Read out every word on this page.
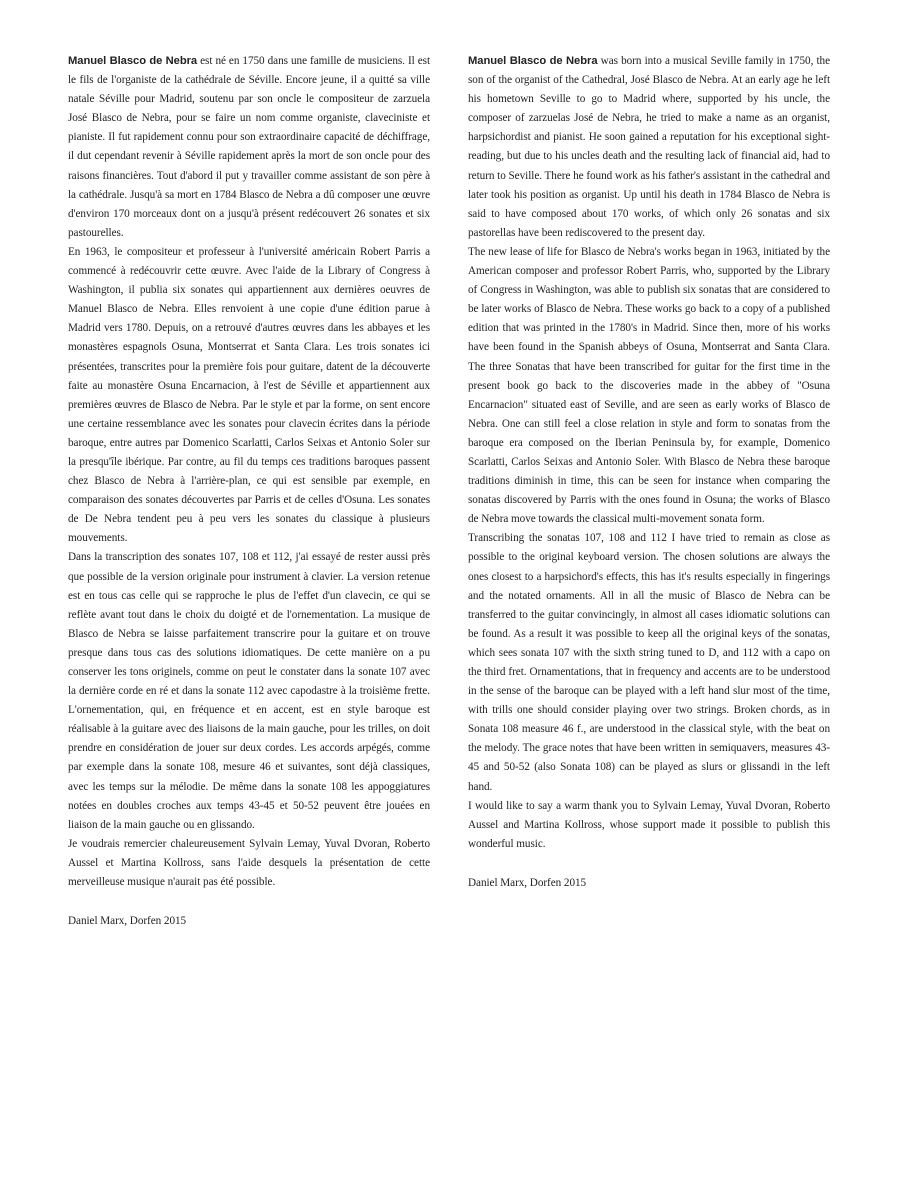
Manuel Blasco de Nebra est né en 1750 dans une famille de musiciens. Il est le fils de l'organiste de la cathédrale de Séville. Encore jeune, il a quitté sa ville natale Séville pour Madrid, soutenu par son oncle le compositeur de zarzuela José Blasco de Nebra, pour se faire un nom comme organiste, claveciniste et pianiste. Il fut rapidement connu pour son extraordinaire capacité de déchiffrage, il dut cependant revenir à Séville rapidement après la mort de son oncle pour des raisons financières. Tout d'abord il put y travailler comme assistant de son père à la cathédrale. Jusqu'à sa mort en 1784 Blasco de Nebra a dû composer une œuvre d'environ 170 morceaux dont on a jusqu'à présent redécouvert 26 sonates et six pastourelles.

En 1963, le compositeur et professeur à l'université américain Robert Parris a commencé à redécouvrir cette œuvre. Avec l'aide de la Library of Congress à Washington, il publia six sonates qui appartiennent aux dernières oeuvres de Manuel Blasco de Nebra. Elles renvoient à une copie d'une édition parue à Madrid vers 1780. Depuis, on a retrouvé d'autres œuvres dans les abbayes et les monastères espagnols Osuna, Montserrat et Santa Clara. Les trois sonates ici présentées, transcrites pour la première fois pour guitare, datent de la découverte faite au monastère Osuna Encarnacion, à l'est de Séville et appartiennent aux premières œuvres de Blasco de Nebra. Par le style et par la forme, on sent encore une certaine ressemblance avec les sonates pour clavecin écrites dans la période baroque, entre autres par Domenico Scarlatti, Carlos Seixas et Antonio Soler sur la presqu'île ibérique. Par contre, au fil du temps ces traditions baroques passent chez Blasco de Nebra à l'arrière-plan, ce qui est sensible par exemple, en comparaison des sonates découvertes par Parris et de celles d'Osuna. Les sonates de De Nebra tendent peu à peu vers les sonates du classique à plusieurs mouvements.

Dans la transcription des sonates 107, 108 et 112, j'ai essayé de rester aussi près que possible de la version originale pour instrument à clavier. La version retenue est en tous cas celle qui se rapproche le plus de l'effet d'un clavecin, ce qui se reflète avant tout dans le choix du doigté et de l'ornementation. La musique de Blasco de Nebra se laisse parfaitement transcrire pour la guitare et on trouve presque dans tous cas des solutions idiomatiques. De cette manière on a pu conserver les tons originels, comme on peut le constater dans la sonate 107 avec la dernière corde en ré et dans la sonate 112 avec capodastre à la troisième frette. L'ornementation, qui, en fréquence et en accent, est en style baroque est réalisable à la guitare avec des liaisons de la main gauche, pour les trilles, on doit prendre en considération de jouer sur deux cordes. Les accords arpégés, comme par exemple dans la sonate 108, mesure 46 et suivantes, sont déjà classiques, avec les temps sur la mélodie. De même dans la sonate 108 les appoggiatures notées en doubles croches aux temps 43-45 et 50-52 peuvent être jouées en liaison de la main gauche ou en glissando.

Je voudrais remercier chaleureusement Sylvain Lemay, Yuval Dvoran, Roberto Aussel et Martina Kollross, sans l'aide desquels la présentation de cette merveilleuse musique n'aurait pas été possible.

Daniel Marx, Dorfen 2015

Manuel Blasco de Nebra was born into a musical Seville family in 1750, the son of the organist of the Cathedral, José Blasco de Nebra. At an early age he left his hometown Seville to go to Madrid where, supported by his uncle, the composer of zarzuelas José de Nebra, he tried to make a name as an organist, harpsichordist and pianist. He soon gained a reputation for his exceptional sight-reading, but due to his uncles death and the resulting lack of financial aid, had to return to Seville. There he found work as his father's assistant in the cathedral and later took his position as organist. Up until his death in 1784 Blasco de Nebra is said to have composed about 170 works, of which only 26 sonatas and six pastorellas have been rediscovered to the present day.

The new lease of life for Blasco de Nebra's works began in 1963, initiated by the American composer and professor Robert Parris, who, supported by the Library of Congress in Washington, was able to publish six sonatas that are considered to be later works of Blasco de Nebra. These works go back to a copy of a published edition that was printed in the 1780's in Madrid. Since then, more of his works have been found in the Spanish abbeys of Osuna, Montserrat and Santa Clara. The three Sonatas that have been transcribed for guitar for the first time in the present book go back to the discoveries made in the abbey of "Osuna Encarnacion" situated east of Seville, and are seen as early works of Blasco de Nebra. One can still feel a close relation in style and form to sonatas from the baroque era composed on the Iberian Peninsula by, for example, Domenico Scarlatti, Carlos Seixas and Antonio Soler. With Blasco de Nebra these baroque traditions diminish in time, this can be seen for instance when comparing the sonatas discovered by Parris with the ones found in Osuna; the works of Blasco de Nebra move towards the classical multi-movement sonata form.

Transcribing the sonatas 107, 108 and 112 I have tried to remain as close as possible to the original keyboard version. The chosen solutions are always the ones closest to a harpsichord's effects, this has it's results especially in fingerings and the notated ornaments. All in all the music of Blasco de Nebra can be transferred to the guitar convincingly, in almost all cases idiomatic solutions can be found. As a result it was possible to keep all the original keys of the sonatas, which sees sonata 107 with the sixth string tuned to D, and 112 with a capo on the third fret. Ornamentations, that in frequency and accents are to be understood in the sense of the baroque can be played with a left hand slur most of the time, with trills one should consider playing over two strings. Broken chords, as in Sonata 108 measure 46 f., are understood in the classical style, with the beat on the melody. The grace notes that have been written in semiquavers, measures 43-45 and 50-52 (also Sonata 108) can be played as slurs or glissandi in the left hand.

I would like to say a warm thank you to Sylvain Lemay, Yuval Dvoran, Roberto Aussel and Martina Kollross, whose support made it possible to publish this wonderful music.

Daniel Marx, Dorfen 2015
